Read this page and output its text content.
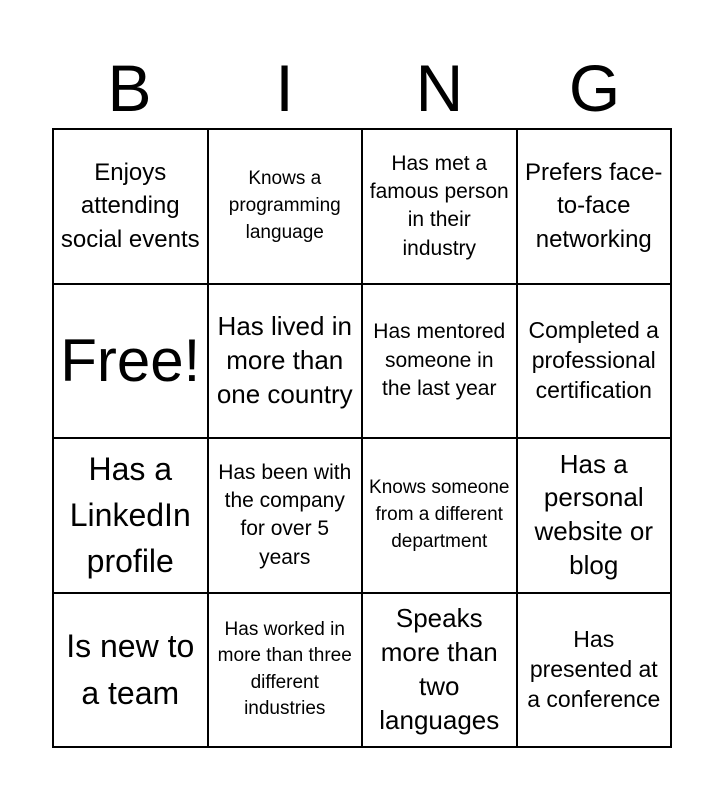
B	I	N	G
Enjoys attending social events
Knows a programming language
Has met a famous person in their industry
Prefers face-to-face networking
Free!
Has lived in more than one country
Has mentored someone in the last year
Completed a professional certification
Has a LinkedIn profile
Has been with the company for over 5 years
Knows someone from a different department
Has a personal website or blog
Is new to a team
Has worked in more than three different industries
Speaks more than two languages
Has presented at a conference
